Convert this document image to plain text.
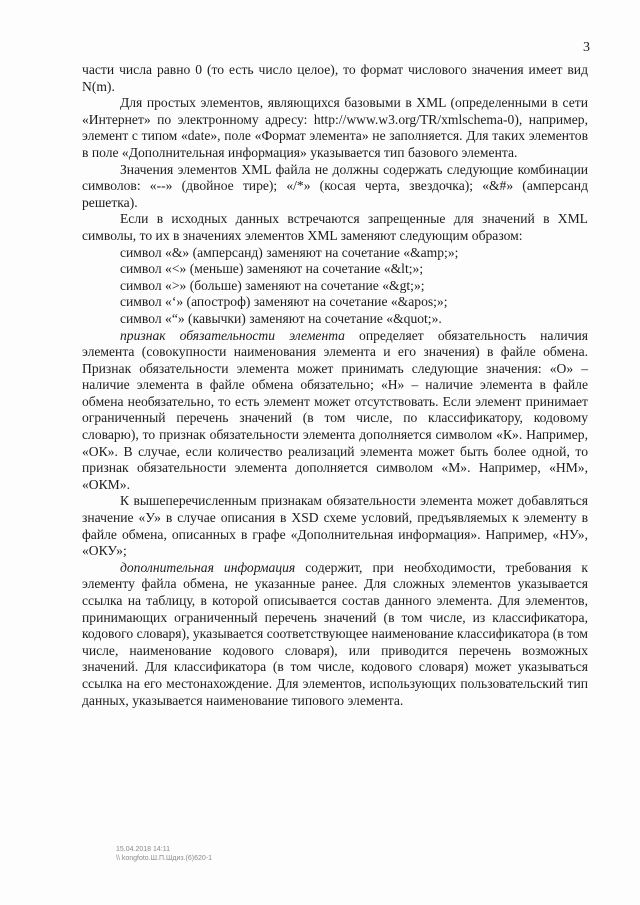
3

части числа равно 0 (то есть число целое), то формат числового значения имеет вид N(m).

Для простых элементов, являющихся базовыми в XML (определенными в сети «Интернет» по электронному адресу: http://www.w3.org/TR/xmlschema-0), например, элемент с типом «date», поле «Формат элемента» не заполняется. Для таких элементов в поле «Дополнительная информация» указывается тип базового элемента.

Значения элементов XML файла не должны содержать следующие комбинации символов: «--» (двойное тире); «/*» (косая черта, звездочка); «&#» (амперсанд решетка).

Если в исходных данных встречаются запрещенные для значений в XML символы, то их в значениях элементов XML заменяют следующим образом:

символ «&» (амперсанд) заменяют на сочетание «&amp;»;

символ «<» (меньше) заменяют на сочетание «&lt;»;

символ «>» (больше) заменяют на сочетание «&gt;»;

символ «‘» (апостроф) заменяют на сочетание «&apos;»;

символ «“» (кавычки) заменяют на сочетание «&quot;».

признак обязательности элемента определяет обязательность наличия элемента (совокупности наименования элемента и его значения) в файле обмена. Признак обязательности элемента может принимать следующие значения: «О» – наличие элемента в файле обмена обязательно; «Н» – наличие элемента в файле обмена необязательно, то есть элемент может отсутствовать. Если элемент принимает ограниченный перечень значений (в том числе, по классификатору, кодовому словарю), то признак обязательности элемента дополняется символом «К». Например, «ОК». В случае, если количество реализаций элемента может быть более одной, то признак обязательности элемента дополняется символом «М». Например, «НМ», «ОКМ».

К вышеперечисленным признакам обязательности элемента может добавляться значение «У» в случае описания в XSD схеме условий, предъявляемых к элементу в файле обмена, описанных в графе «Дополнительная информация». Например, «НУ», «ОКУ»;

дополнительная информация содержит, при необходимости, требования к элементу файла обмена, не указанные ранее. Для сложных элементов указывается ссылка на таблицу, в которой описывается состав данного элемента. Для элементов, принимающих ограниченный перечень значений (в том числе, из классификатора, кодового словаря), указывается соответствующее наименование классификатора (в том числе, наименование кодового словаря), или приводится перечень возможных значений. Для классификатора (в том числе, кодового словаря) может указываться ссылка на его местонахождение. Для элементов, использующих пользовательский тип данных, указывается наименование типового элемента.

15.04.2018 14:11
\\ kongfoto.Ш.П.Шдиз.(6)620-1
